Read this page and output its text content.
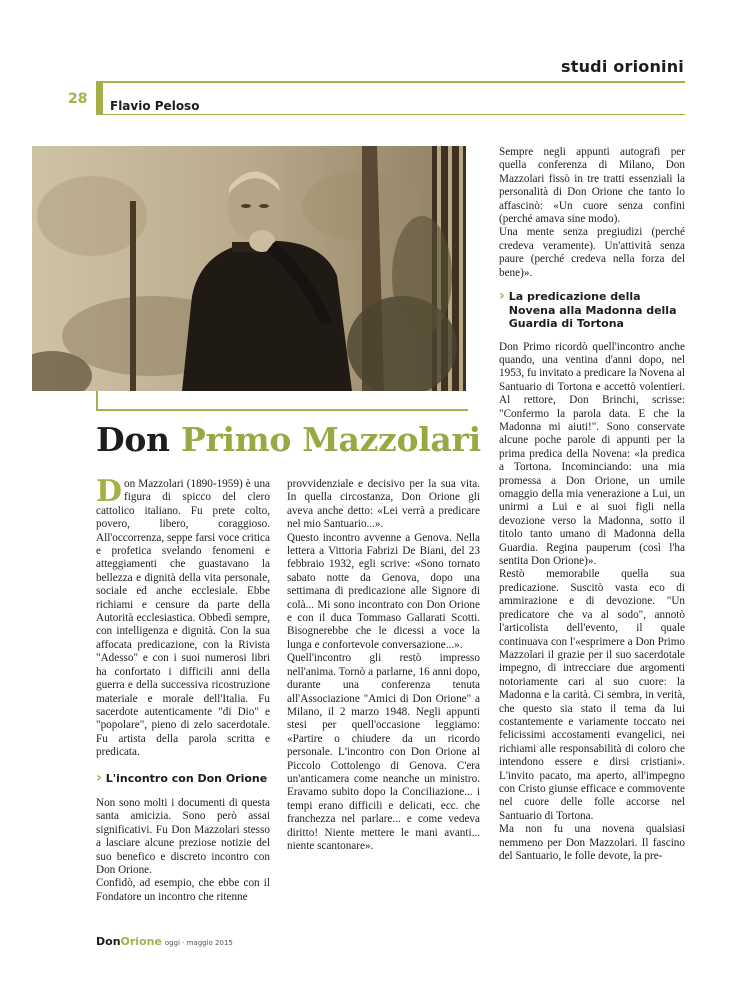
studi orionini
28 Flavio Peloso
Don Primo Mazzolari

Don Mazzolari (1890-1959) è una figura di spicco del clero cattolico italiano. Fu prete colto, povero, libero, coraggioso. All'occorrenza, seppe farsi voce critica e profetica svelando fenomeni e atteggiamenti che guastavano la bellezza e dignità della vita personale, sociale ed anche ecclesiale. Ebbe richiami e censure da parte della Autorità ecclesiastica. Obbedì sempre, con intelligenza e dignità. Con la sua affocata predicazione, con la Rivista "Adesso" e con i suoi numerosi libri ha confortato i difficili anni della guerra e della successiva ricostruzione materiale e morale dell'Italia. Fu sacerdote autenticamente "di Dio" e "popolare", pieno di zelo sacerdotale. Fu artista della parola scritta e predicata.

› L'incontro con Don Orione

Non sono molti i documenti di questa santa amicizia. Sono però assai significativi. Fu Don Mazzolari stesso a lasciare alcune preziose notizie del suo benefico e discreto incontro con Don Orione.

Confidò, ad esempio, che ebbe con il Fondatore un incontro che ritenne

provvidenziale e decisivo per la sua vita. In quella circostanza, Don Orione gli aveva anche detto: «Lei verrà a predicare nel mio Santuario...».

Questo incontro avvenne a Genova. Nella lettera a Vittoria Fabrizi De Biani, del 23 febbraio 1932, egli scrive: «Sono tornato sabato notte da Genova, dopo una settimana di predicazione alle Signore di colà... Mi sono incontrato con Don Orione e con il duca Tommaso Gallarati Scotti. Bisognerebbe che le dicessi a voce la lunga e confortevole conversazione...».

Quell'incontro gli restò impresso nell'anima. Tornò a parlarne, 16 anni dopo, durante una conferenza tenuta all'Associazione "Amici di Don Orione" a Milano, il 2 marzo 1948. Negli appunti stesi per quell'occasione leggiamo: «Partire o chiudere da un ricordo personale. L'incontro con Don Orione al Piccolo Cottolengo di Genova. C'era un'anticamera come neanche un ministro. Eravamo subito dopo la Conciliazione... i tempi erano difficili e delicati, ecc. che franchezza nel parlare... e come vedeva diritto! Niente mettere le mani avanti... niente scantonare».

Sempre negli appunti autografi per quella conferenza di Milano, Don Mazzolari fissò in tre tratti essenziali la personalità di Don Orione che tanto lo affascinò: «Un cuore senza confini (perché amava sine modo).

Una mente senza pregiudizi (perché credeva veramente). Un'attività senza paure (perché credeva nella forza del bene)».

› La predicazione della Novena alla Madonna della Guardia di Tortona

Don Primo ricordò quell'incontro anche quando, una ventina d'anni dopo, nel 1953, fu invitato a predicare la Novena al Santuario di Tortona e accettò volentieri. Al rettore, Don Brinchi, scrisse: "Confermo la parola data. E che la Madonna mi aiuti!". Sono conservate alcune poche parole di appunti per la prima predica della Novena: «la predica a Tortona. Incominciando: una mia promessa a Don Orione, un umile omaggio della mia venerazione a Lui, un unirmi a Lui e ai suoi figli nella devozione verso la Madonna, sotto il titolo tanto umano di Madonna della Guardia. Regina pauperum (così l'ha sentita Don Orione)».

Restò memorabile quella sua predicazione. Suscitò vasta eco di ammirazione e di devozione. "Un predicatore che va al sodo", annotò l'articolista dell'evento, il quale continuava con l'«esprimere a Don Primo Mazzolari il grazie per il suo sacerdotale impegno, di intrecciare due argomenti notoriamente cari al suo cuore: la Madonna e la carità. Ci sembra, in verità, che questo sia stato il tema da lui costantemente e variamente toccato nei felicissimi accostamenti evangelici, nei richiami alle responsabilità di coloro che intendono essere e dirsi cristiani». L'invito pacato, ma aperto, all'impegno con Cristo giunse efficace e commovente nel cuore delle folle accorse nel Santuario di Tortona.

Ma non fu una novena qualsiasi nemmeno per Don Mazzolari. Il fascino del Santuario, le folle devote, la pre-

DonOrione oggi · maggio 2015
